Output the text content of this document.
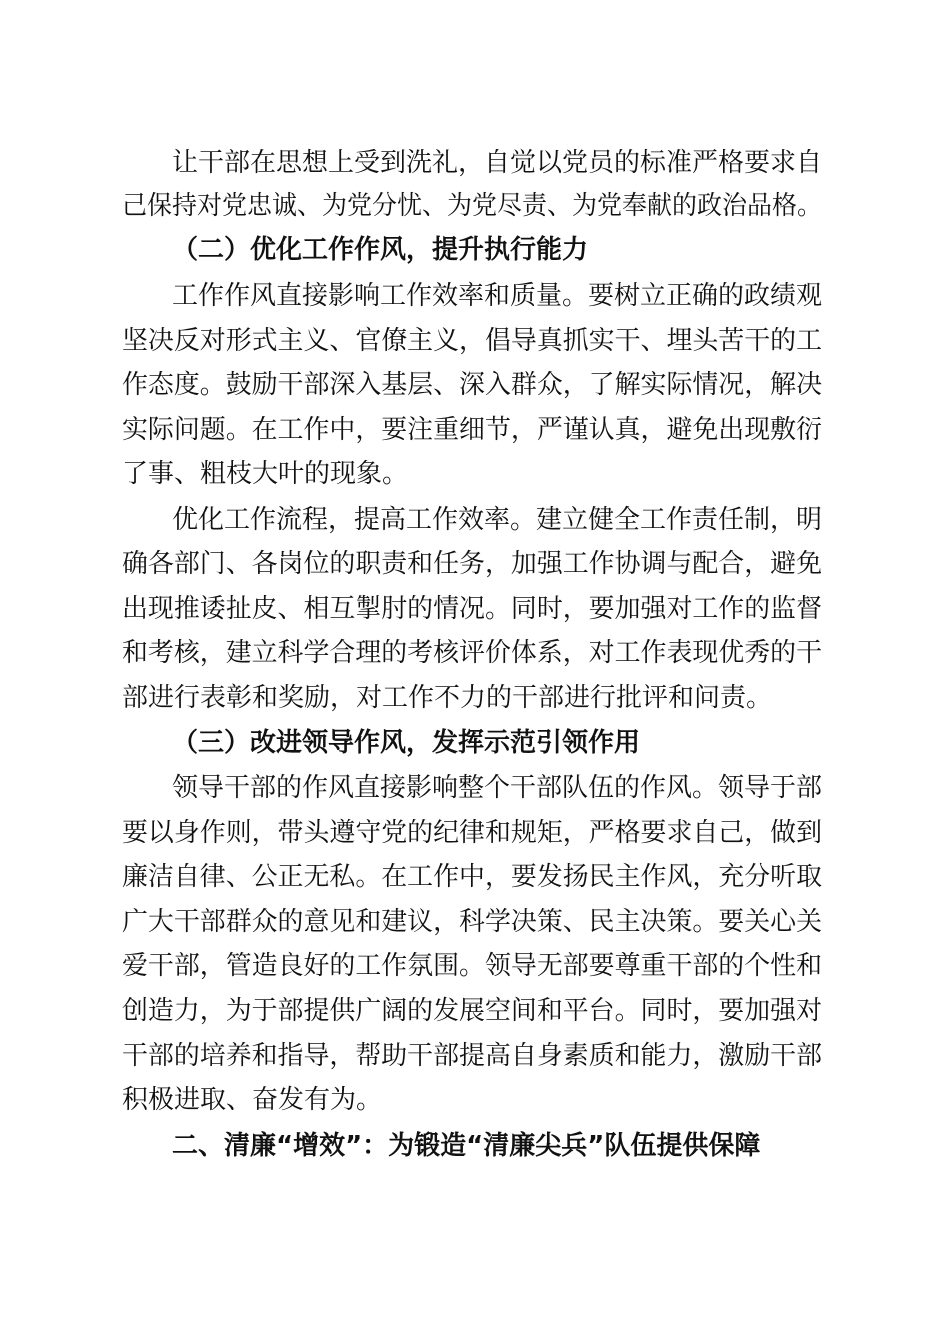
让干部在思想上受到洗礼，自觉以党员的标准严格要求自
己保持对党忠诚、为党分忧、为党尽责、为党奉献的政治品格。
（二）优化工作作风，提升执行能力
工作作风直接影响工作效率和质量。要树立正确的政绩观
坚决反对形式主义、官僚主义，倡导真抓实干、埋头苦干的工
作态度。鼓励干部深入基层、深入群众，了解实际情况，解决
实际问题。在工作中，要注重细节，严谨认真，避免出现敷衍
了事、粗枝大叶的现象。
优化工作流程，提高工作效率。建立健全工作责任制，明
确各部门、各岗位的职责和任务，加强工作协调与配合，避免
出现推诿扯皮、相互掣肘的情况。同时，要加强对工作的监督
和考核，建立科学合理的考核评价体系，对工作表现优秀的干
部进行表彰和奖励，对工作不力的干部进行批评和问责。
（三）改进领导作风，发挥示范引领作用
领导干部的作风直接影响整个干部队伍的作风。领导于部
要以身作则，带头遵守党的纪律和规矩，严格要求自己，做到
廉洁自律、公正无私。在工作中，要发扬民主作风，充分听取
广大干部群众的意见和建议，科学决策、民主决策。要关心关
爱干部，管造良好的工作氛围。领导无部要尊重干部的个性和
创造力，为于部提供广阔的发展空间和平台。同时，要加强对
干部的培养和指导，帮助干部提高自身素质和能力，激励干部
积极进取、奋发有为。
二、清廉“增效”：为锻造“清廉尖兵”队伍提供保障
